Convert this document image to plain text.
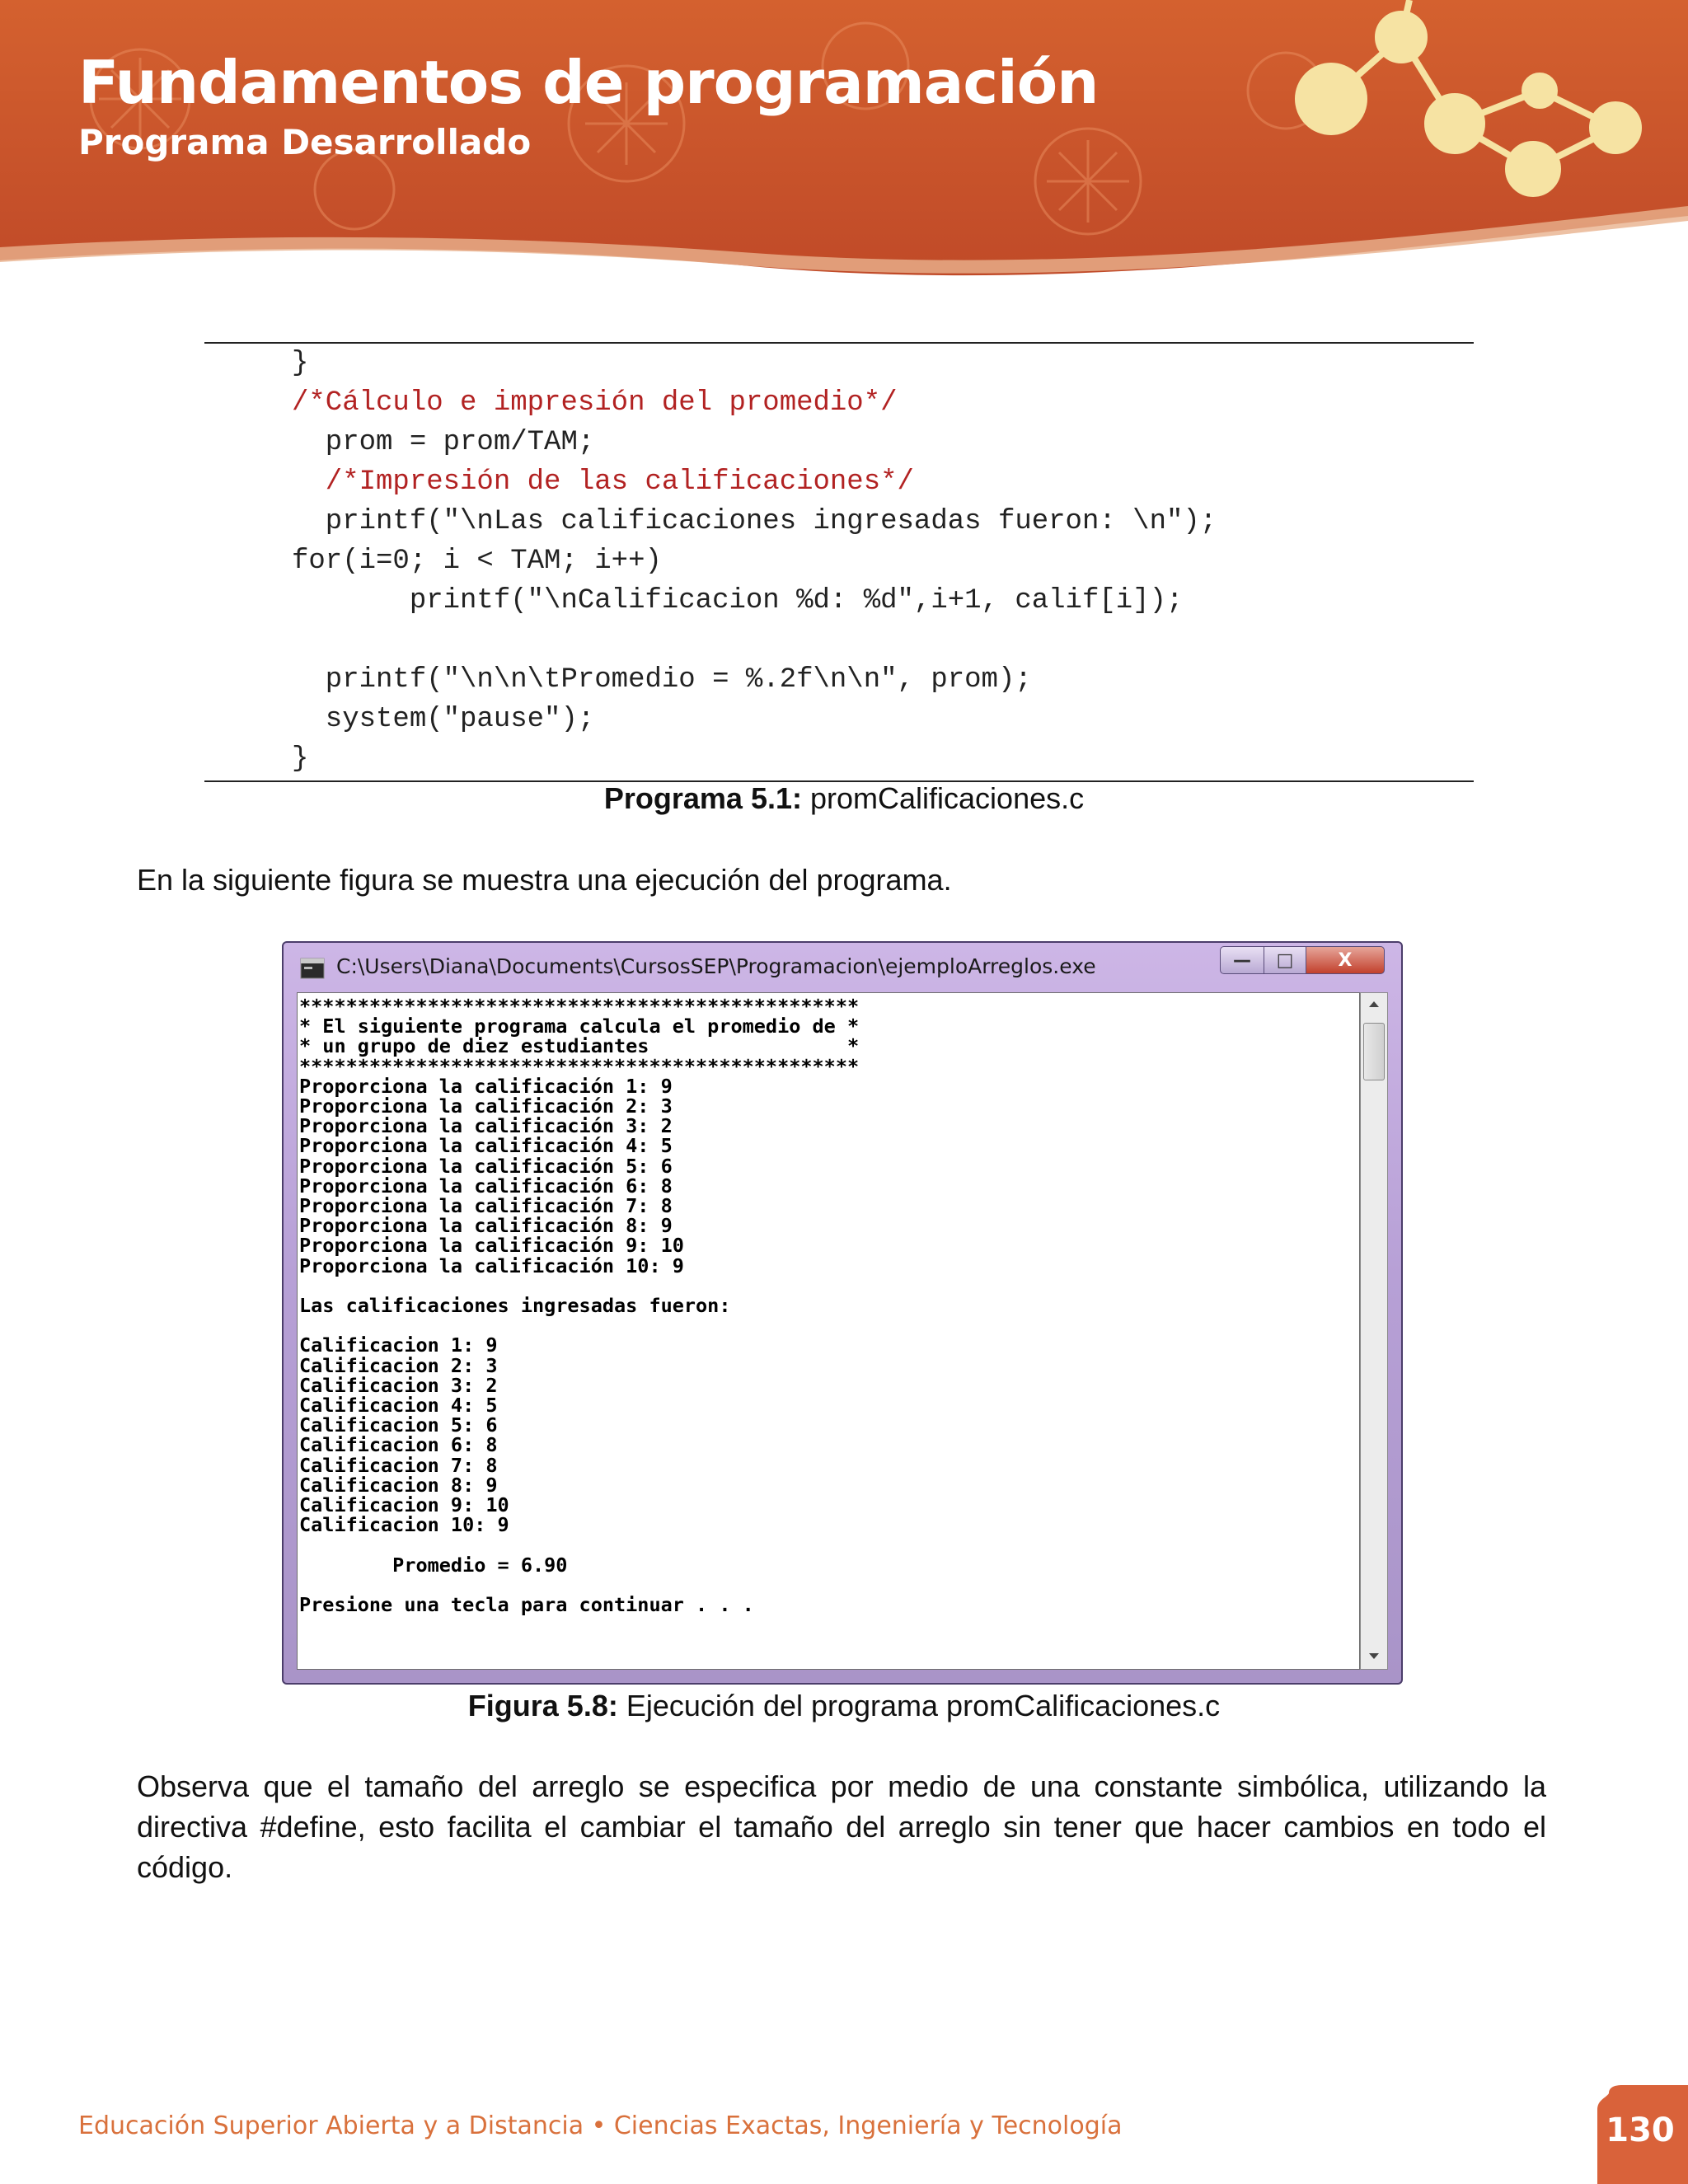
Fundamentos de programación
Programa Desarrollado

}

/*Cálculo e impresión del promedio*/

prom = prom/TAM;

/*Impresión de las calificaciones*/

printf("\nLas calificaciones ingresadas fueron: \n");

for(i=0; i < TAM; i++)

printf("\nCalificacion %d: %d",i+1, calif[i]);

printf("\n\n\tPromedio = %.2f\n\n", prom);

system("pause");

}

Programa 5.1: promCalificaciones.c

En la siguiente figura se muestra una ejecución del programa.

C:\Users\Diana\Documents\CursosSEP\Programacion\ejemploArreglos.exe	—	□	X

************************************************

* El siguiente programa calcula el promedio de *

* un grupo de diez estudiantes                 *

************************************************

Proporciona la calificación 1: 9

Proporciona la calificación 2: 3

Proporciona la calificación 3: 2

Proporciona la calificación 4: 5

Proporciona la calificación 5: 6

Proporciona la calificación 6: 8

Proporciona la calificación 7: 8

Proporciona la calificación 8: 9

Proporciona la calificación 9: 10

Proporciona la calificación 10: 9

Las calificaciones ingresadas fueron:

Calificacion 1: 9

Calificacion 2: 3

Calificacion 3: 2

Calificacion 4: 5

Calificacion 5: 6

Calificacion 6: 8

Calificacion 7: 8

Calificacion 8: 9

Calificacion 9: 10

Calificacion 10: 9

Promedio = 6.90

Presione una tecla para continuar . . .

Figura 5.8: Ejecución del programa promCalificaciones.c

Observa que el tamaño del arreglo se especifica por medio de una constante simbólica, utilizando la directiva #define, esto facilita el cambiar el tamaño del arreglo sin tener que hacer cambios en todo el código.

Educación Superior Abierta y a Distancia • Ciencias Exactas, Ingeniería y Tecnología	130
